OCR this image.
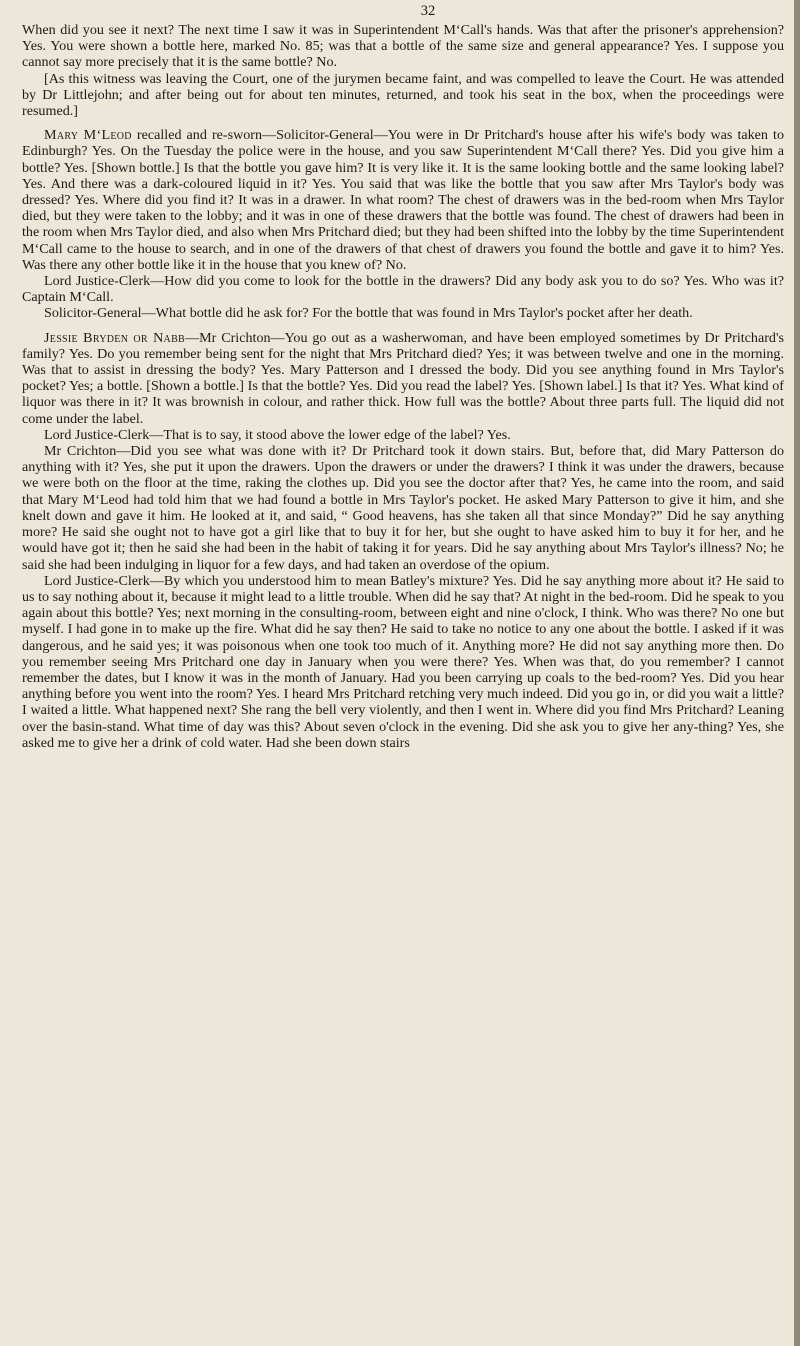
32

When did you see it next? The next time I saw it was in Superintendent M‘Call's hands. Was that after the prisoner's apprehension? Yes. You were shown a bottle here, marked No. 85; was that a bottle of the same size and general appearance? Yes. I suppose you cannot say more precisely that it is the same bottle? No.

[As this witness was leaving the Court, one of the jurymen became faint, and was compelled to leave the Court. He was attended by Dr Littlejohn; and after being out for about ten minutes, returned, and took his seat in the box, when the proceedings were resumed.]

Mary M‘Leod recalled and re-sworn—Solicitor-General—You were in Dr Pritchard's house after his wife's body was taken to Edinburgh? Yes. On the Tuesday the police were in the house, and you saw Superintendent M‘Call there? Yes. Did you give him a bottle? Yes. [Shown bottle.] Is that the bottle you gave him? It is very like it. It is the same looking bottle and the same looking label? Yes. And there was a dark-coloured liquid in it? Yes. You said that was like the bottle that you saw after Mrs Taylor's body was dressed? Yes. Where did you find it? It was in a drawer. In what room? The chest of drawers was in the bed-room when Mrs Taylor died, but they were taken to the lobby; and it was in one of these drawers that the bottle was found. The chest of drawers had been in the room when Mrs Taylor died, and also when Mrs Pritchard died; but they had been shifted into the lobby by the time Superintendent M‘Call came to the house to search, and in one of the drawers of that chest of drawers you found the bottle and gave it to him? Yes. Was there any other bottle like it in the house that you knew of? No.

Lord Justice-Clerk—How did you come to look for the bottle in the drawers? Did any body ask you to do so? Yes. Who was it? Captain M‘Call.

Solicitor-General—What bottle did he ask for? For the bottle that was found in Mrs Taylor's pocket after her death.

Jessie Bryden or Nabb—Mr Crichton—You go out as a washerwoman, and have been employed sometimes by Dr Pritchard's family? Yes. Do you remember being sent for the night that Mrs Pritchard died? Yes; it was between twelve and one in the morning. Was that to assist in dressing the body? Yes. Mary Patterson and I dressed the body. Did you see anything found in Mrs Taylor's pocket? Yes; a bottle. [Shown a bottle.] Is that the bottle? Yes. Did you read the label? Yes. [Shown label.] Is that it? Yes. What kind of liquor was there in it? It was brownish in colour, and rather thick. How full was the bottle? About three parts full. The liquid did not come under the label.

Lord Justice-Clerk—That is to say, it stood above the lower edge of the label? Yes.

Mr Crichton—Did you see what was done with it? Dr Pritchard took it down stairs. But, before that, did Mary Patterson do anything with it? Yes, she put it upon the drawers. Upon the drawers or under the drawers? I think it was under the drawers, because we were both on the floor at the time, raking the clothes up. Did you see the doctor after that? Yes, he came into the room, and said that Mary M‘Leod had told him that we had found a bottle in Mrs Taylor's pocket. He asked Mary Patterson to give it him, and she knelt down and gave it him. He looked at it, and said, “ Good heavens, has she taken all that since Monday?” Did he say anything more? He said she ought not to have got a girl like that to buy it for her, but she ought to have asked him to buy it for her, and he would have got it; then he said she had been in the habit of taking it for years. Did he say anything about Mrs Taylor's illness? No; he said she had been indulging in liquor for a few days, and had taken an overdose of the opium.

Lord Justice-Clerk—By which you understood him to mean Batley's mixture? Yes. Did he say anything more about it? He said to us to say nothing about it, because it might lead to a little trouble. When did he say that? At night in the bed-room. Did he speak to you again about this bottle? Yes; next morning in the consulting-room, between eight and nine o'clock, I think. Who was there? No one but myself. I had gone in to make up the fire. What did he say then? He said to take no notice to any one about the bottle. I asked if it was dangerous, and he said yes; it was poisonous when one took too much of it. Anything more? He did not say anything more then. Do you remember seeing Mrs Pritchard one day in January when you were there? Yes. When was that, do you remember? I cannot remember the dates, but I know it was in the month of January. Had you been carrying up coals to the bed-room? Yes. Did you hear anything before you went into the room? Yes. I heard Mrs Pritchard retching very much indeed. Did you go in, or did you wait a little? I waited a little. What happened next? She rang the bell very violently, and then I went in. Where did you find Mrs Pritchard? Leaning over the basin-stand. What time of day was this? About seven o'clock in the evening. Did she ask you to give her any-thing? Yes, she asked me to give her a drink of cold water. Had she been down stairs
